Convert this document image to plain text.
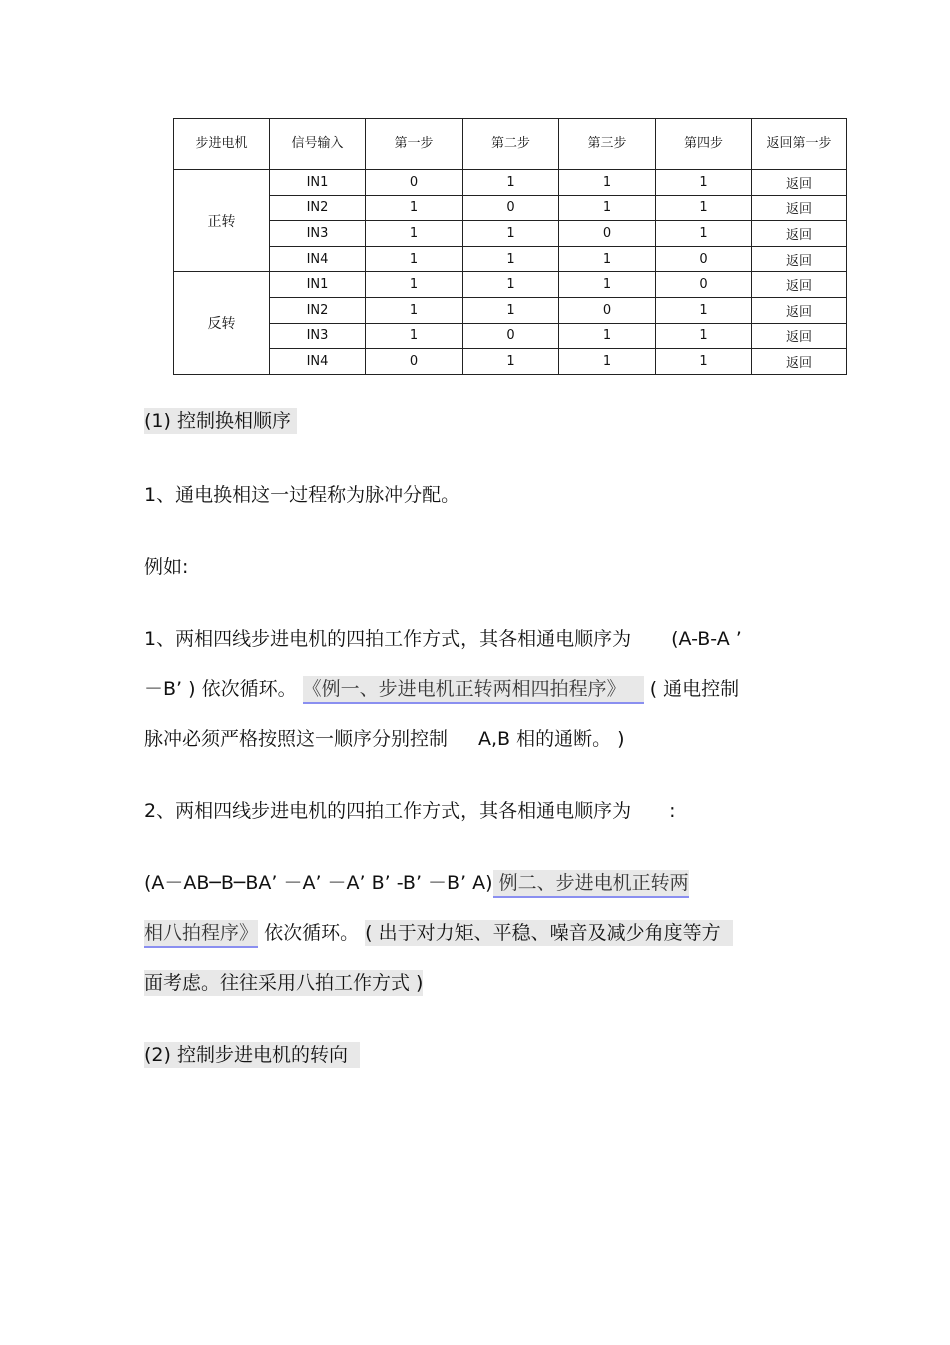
步进电机	信号输入	第一步	第二步	第三步	第四步	返回第一步
正转	IN1	0	1	1	1	返回
	IN2	1	0	1	1	返回
	IN3	1	1	0	1	返回
	IN4	1	1	1	0	返回
反转	IN1	1	1	1	0	返回
	IN2	1	1	0	1	返回
	IN3	1	0	1	1	返回
	IN4	0	1	1	1	返回
(1) 控制换相顺序
1、通电换相这一过程称为脉冲分配。
例如:
1、两相四线步进电机的四拍工作方式，其各相通电顺序为 (A-B-A ’
－B’ ) 依次循环。 《例一、步进电机正转两相四拍程序》 ( 通电控制
脉冲必须严格按照这一顺序分别控制 A,B 相的通断。 )
2、两相四线步进电机的四拍工作方式，其各相通电顺序为 :
(A－AB─B─BA’ －A’ －A’ B’ -B’ －B’ A) 例二、步进电机正转两
相八拍程序》 依次循环。 ( 出于对力矩、平稳、噪音及减少角度等方
面考虑。往往采用八拍工作方式 )
(2) 控制步进电机的转向
